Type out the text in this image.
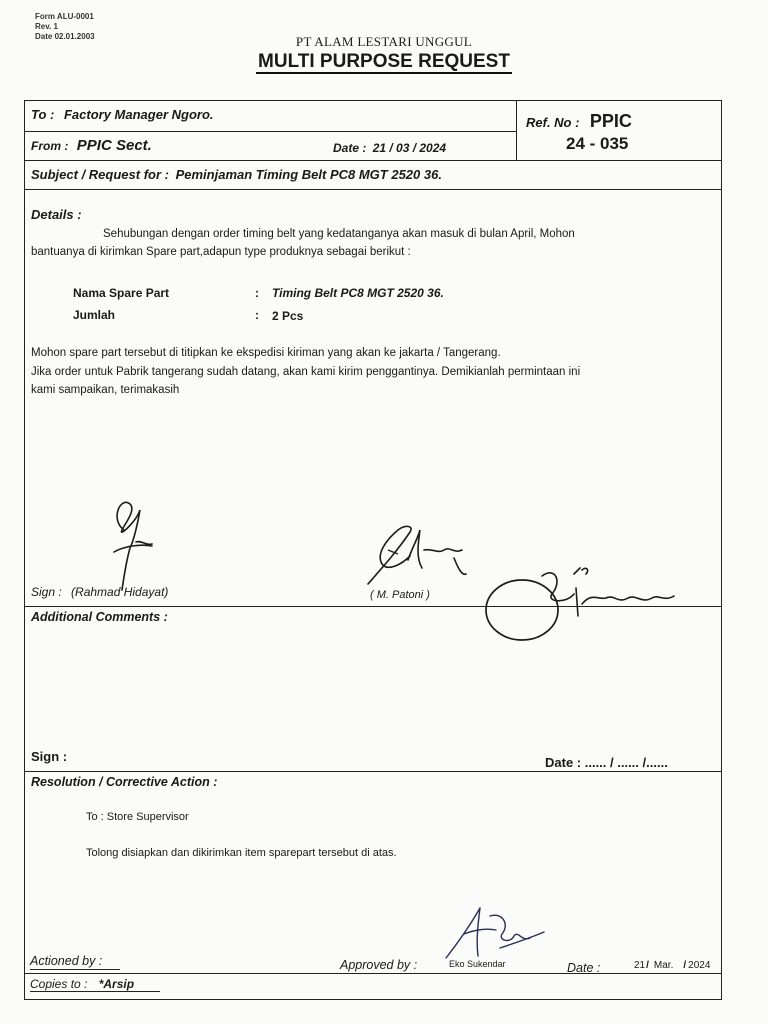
Form ALU-0001
Rev. 1
Date 02.01.2003	PT ALAM LESTARI UNGGUL
MULTI PURPOSE REQUEST
To : Factory Manager Ngoro.
From : PPIC Sect.	Date : 21 / 03 / 2024
Ref. No : PPIC
24 - 035
Subject / Request for : Peminjaman Timing Belt PC8 MGT 2520 36.
Details :
Sehubungan dengan order timing belt yang kedatanganya akan masuk di bulan April, Mohon
bantuanya di kirimkan Spare part,adapun type produknya sebagai berikut :
Nama Spare Part	: Timing Belt PC8 MGT 2520 36.
Jumlah	: 2 Pcs
Mohon spare part tersebut di titipkan ke ekspedisi kiriman yang akan ke jakarta / Tangerang.
Jika order untuk Pabrik tangerang sudah datang, akan kami kirim penggantinya. Demikianlah permintaan ini
kami sampaikan, terimakasih
Sign : (Rahmad Hidayat)	( M. Patoni )
Additional Comments :
Sign :	Date : ...... / ...... /......
Resolution / Corrective Action :
To : Store Supervisor
Tolong disiapkan dan dikirimkan item sparepart tersebut di atas.
Actioned by :	Approved by :	Eko Sukendar	Date :	21/ Mar. / 2024
Copies to : *Arsip
